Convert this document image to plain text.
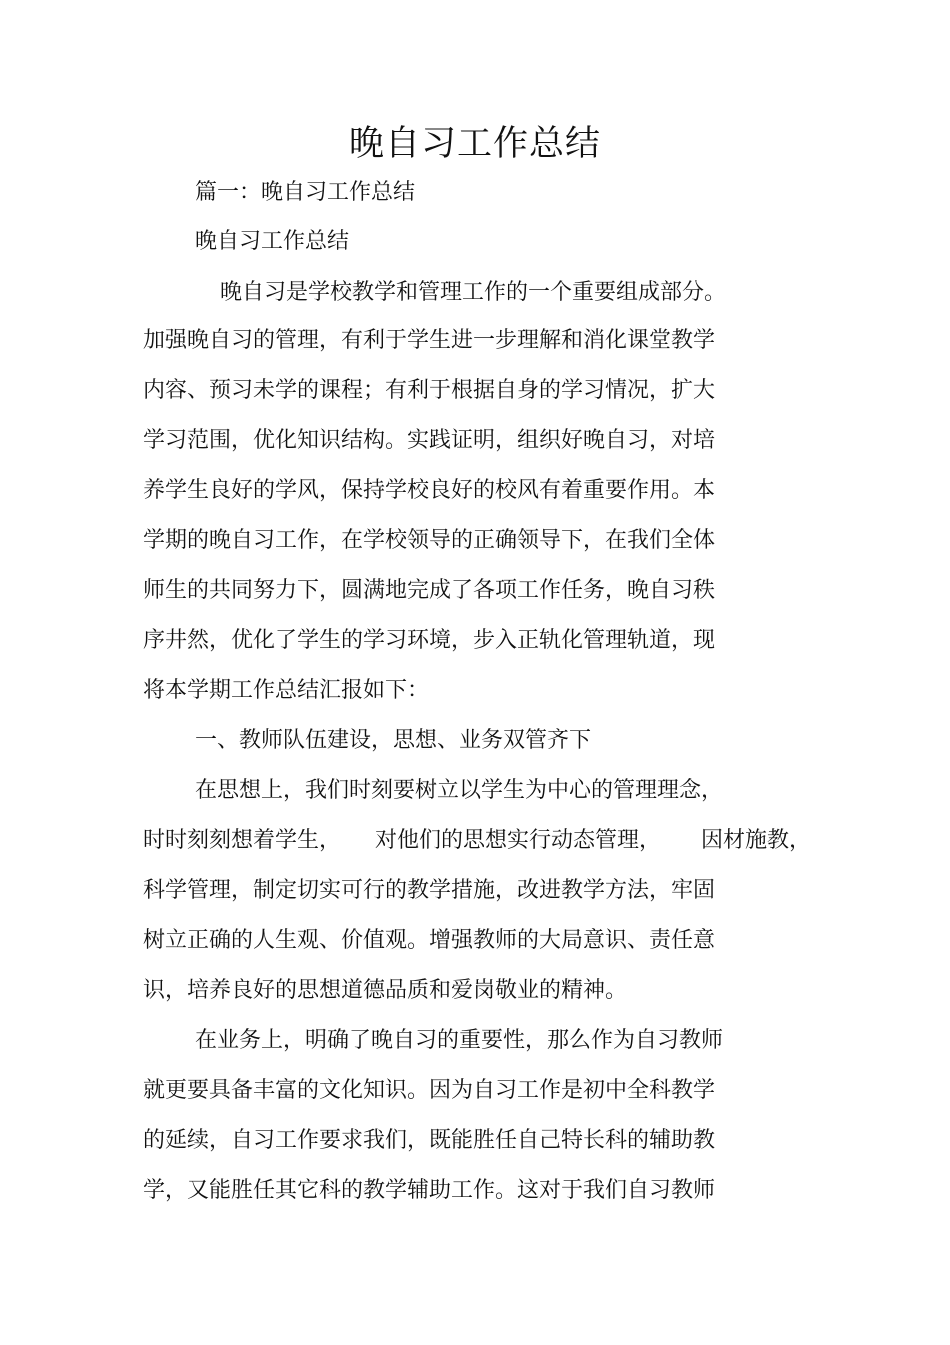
晚自习工作总结
篇一：晚自习工作总结
晚自习工作总结
晚自习是学校教学和管理工作的一个重要组成部分。
加强晚自习的管理，有利于学生进一步理解和消化课堂教学
内容、预习未学的课程；有利于根据自身的学习情况，扩大
学习范围，优化知识结构。实践证明，组织好晚自习，对培
养学生良好的学风，保持学校良好的校风有着重要作用。本
学期的晚自习工作，在学校领导的正确领导下，在我们全体
师生的共同努力下，圆满地完成了各项工作任务，晚自习秩
序井然，优化了学生的学习环境，步入正轨化管理轨道，现
将本学期工作总结汇报如下：
一、教师队伍建设，思想、业务双管齐下
在思想上，我们时刻要树立以学生为中心的管理理念，
时时刻刻想着学生， 对他们的思想实行动态管理， 因材施教，
科学管理，制定切实可行的教学措施，改进教学方法，牢固
树立正确的人生观、价值观。增强教师的大局意识、责任意
识，培养良好的思想道德品质和爱岗敬业的精神。
在业务上，明确了晚自习的重要性，那么作为自习教师
就更要具备丰富的文化知识。因为自习工作是初中全科教学
的延续，自习工作要求我们，既能胜任自己特长科的辅助教
学，又能胜任其它科的教学辅助工作。这对于我们自习教师
